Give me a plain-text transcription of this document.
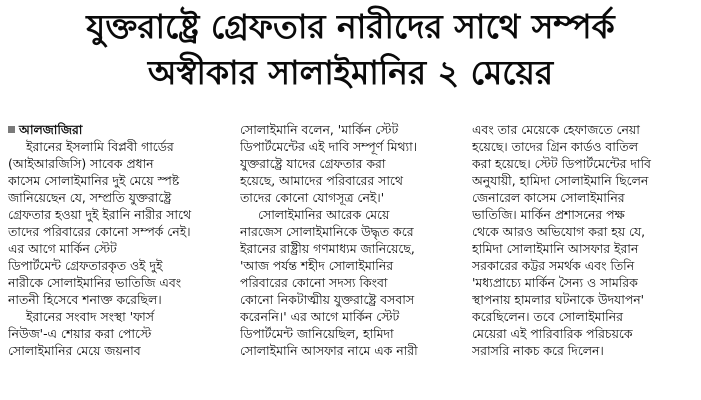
যুক্তরাষ্ট্রে গ্রেফতার নারীদের সাথে সম্পর্ক
অস্বীকার সালাইমানির ২ মেয়ের
আলজাজিরা
ইরানের ইসলামি বিপ্লবী গার্ডের
(আইআরজিসি) সাবেক প্রধান
কাসেম সোলাইমানির দুই মেয়ে স্পষ্ট
জানিয়েছেন যে, সম্প্রতি যুক্তরাষ্ট্রে
গ্রেফতার হওয়া দুই ইরানি নারীর সাথে
তাদের পরিবারের কোনো সম্পর্ক নেই।
এর আগে মার্কিন স্টেট
ডিপার্টমেন্ট গ্রেফতারকৃত ওই দুই
নারীকে সোলাইমানির ভাতিজি এবং
নাতনী হিসেবে শনাক্ত করেছিল।
ইরানের সংবাদ সংস্থা 'ফার্স
নিউজ'-এ শেয়ার করা পোস্টে
সোলাইমানির মেয়ে জয়নাব
সোলাইমানি বলেন, 'মার্কিন স্টেট
ডিপার্টমেন্টের এই দাবি সম্পূর্ণ মিথ্যা।
যুক্তরাষ্ট্রে যাদের গ্রেফতার করা
হয়েছে, আমাদের পরিবারের সাথে
তাদের কোনো যোগসূত্র নেই।'
সোলাইমানির আরেক মেয়ে
নারজেস সোলাইমানিকে উদ্ধৃত করে
ইরানের রাষ্ট্রীয় গণমাধ্যম জানিয়েছে,
'আজ পর্যন্ত শহীদ সোলাইমানির
পরিবারের কোনো সদস্য কিংবা
কোনো নিকটাত্মীয় যুক্তরাষ্ট্রে বসবাস
করেননি।' এর আগে মার্কিন স্টেট
ডিপার্টমেন্ট জানিয়েছিল, হামিদা
সোলাইমানি আসফার নামে এক নারী
এবং তার মেয়েকে হেফাজতে নেয়া
হয়েছে। তাদের গ্রিন কার্ডও বাতিল
করা হয়েছে। স্টেট ডিপার্টমেন্টের দাবি
অনুযায়ী, হামিদা সোলাইমানি ছিলেন
জেনারেল কাসেম সোলাইমানির
ভাতিজি। মার্কিন প্রশাসনের পক্ষ
থেকে আরও অভিযোগ করা হয় যে,
হামিদা সোলাইমানি আসফার ইরান
সরকারের কট্টর সমর্থক এবং তিনি
'মধ্যপ্রাচ্যে মার্কিন সৈন্য ও সামরিক
স্থাপনায় হামলার ঘটনাকে উদযাপন'
করেছিলেন। তবে সোলাইমানির
মেয়েরা এই পারিবারিক পরিচয়কে
সরাসরি নাকচ করে দিলেন।
